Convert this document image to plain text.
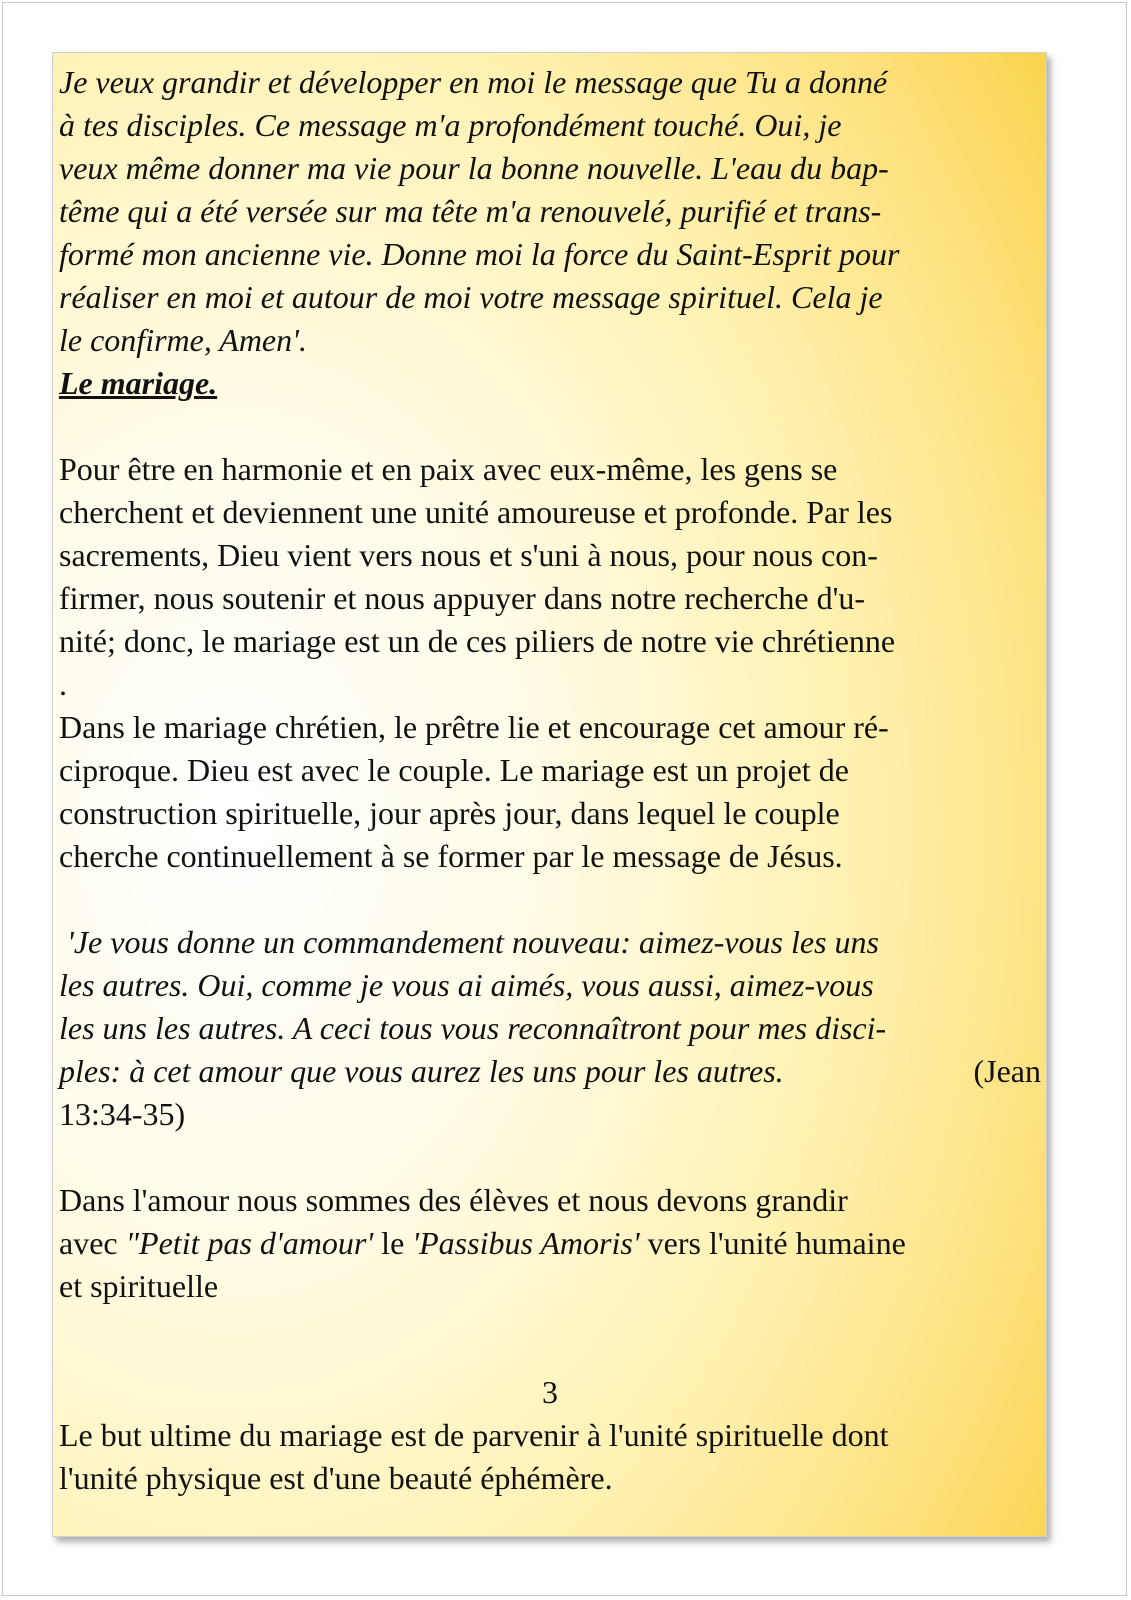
Je veux grandir et développer en moi le message que Tu a donné

à tes disciples. Ce message m'a profondément touché. Oui, je

veux même donner ma vie pour la bonne nouvelle. L'eau du bap-

tême qui a été versée sur ma tête m'a renouvelé, purifié et trans-

formé mon ancienne vie. Donne moi la force du Saint-Esprit pour

réaliser en moi et autour de moi votre message spirituel. Cela je

le confirme, Amen'.

Le mariage.

Pour être en harmonie et en paix avec eux-même, les gens se

cherchent et deviennent une unité amoureuse et profonde. Par les

sacrements, Dieu vient vers nous et s'uni à nous, pour nous con-

firmer, nous soutenir et nous appuyer dans notre recherche d'u-

nité; donc, le mariage est un de ces piliers de notre vie chrétienne

.

Dans le mariage chrétien, le prêtre lie et encourage cet amour ré-

ciproque. Dieu est avec le couple. Le mariage est un projet de

construction spirituelle, jour après jour, dans lequel le couple

cherche continuellement à se former par le message de Jésus.

'Je vous donne un commandement nouveau: aimez-vous les uns

les autres. Oui, comme je vous ai aimés, vous aussi, aimez-vous

les uns les autres. A ceci tous vous reconnaîtront pour mes disci-

ples: à cet amour que vous aurez les uns pour les autres.	(Jean

13:34-35)

Dans l'amour nous sommes des élèves et nous devons grandir

avec "Petit pas d'amour' le 'Passibus Amoris' vers l'unité humaine

et spirituelle

3

Le but ultime du mariage est de parvenir à l'unité spirituelle dont

l'unité physique est d'une beauté éphémère.
